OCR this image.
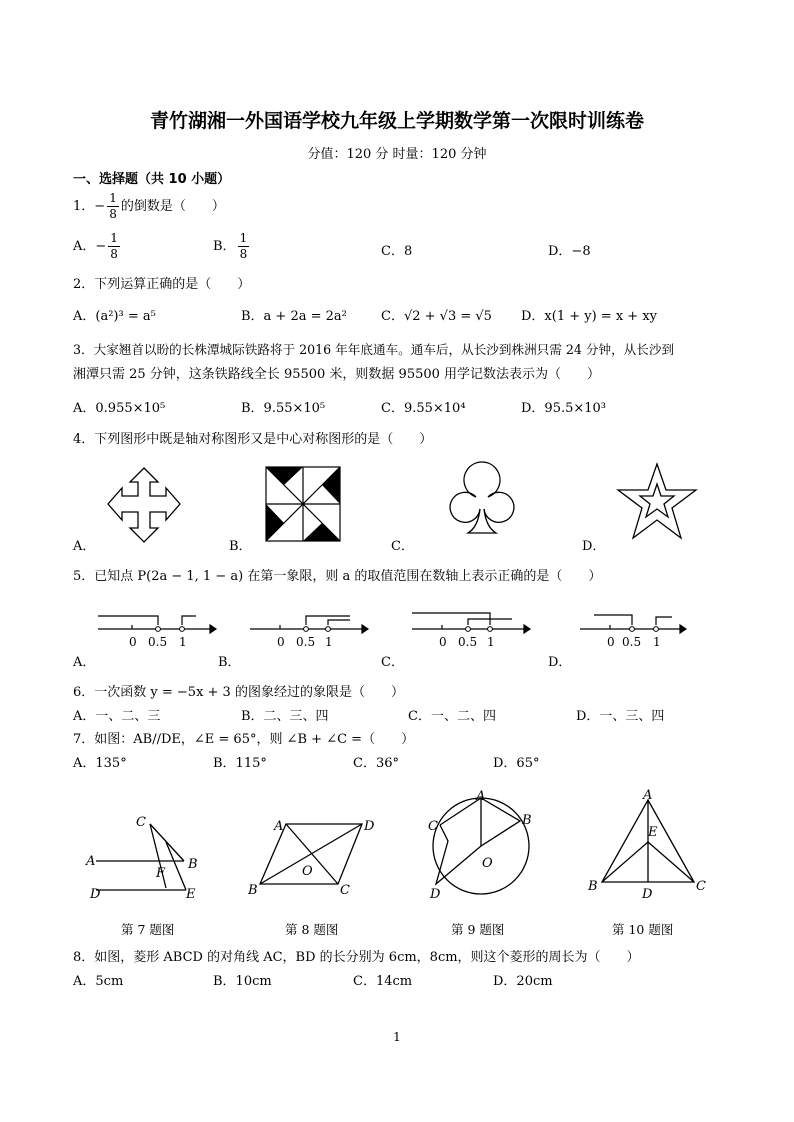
青竹湖湘一外国语学校九年级上学期数学第一次限时训练卷
分值：120 分 时量：120 分钟
一、选择题（共 10 小题）
1．− $\frac{1}{8}$ 的倒数是（　　）
A．− $\frac{1}{8}$	B． $\frac{1}{8}$	C．8	D．−8
2．下列运算正确的是（　　）
A．(a²)³ = a⁵	B．a + 2a = 2a²	C．√2 + √3 = √5 D．x(1 + y) = x + xy
3．大家翘首以盼的长株潭城际铁路将于 2016 年年底通车。通车后，从长沙到株洲只需 24 分钟，从长沙到
湘潭只需 25 分钟，这条铁路线全长 95500 米，则数据 95500 用学记数法表示为（　　）
A．0.955×10⁵	B．9.55×10⁵	C．9.55×10⁴	D．95.5×10³
4．下列图形中既是轴对称图形又是中心对称图形的是（　　）
A．	B．	C．	D．
5．已知点 P(2a − 1, 1 − a) 在第一象限，则 a 的取值范围在数轴上表示正确的是（　　）
0 0.5 1	0 0.5 1	0 0.5 1	0 0.5 1
A．	B．	C．	D．
6．一次函数 y = −5x + 3 的图象经过的象限是（　　）
A．一、二、三	B．二、三、四	C．一、二、四	D．一、三、四
7．如图：AB//DE，∠E = 65°，则 ∠B + ∠C =（　　）
A．135°	B．115°	C．36°	D．65°
C
A	B
F
D	E
第 7 题图
A	D
O
B	C
第 8 题图
A
B
C
O
D
第 9 题图
A
E
B
D
C
第 10 题图
8．如图，菱形 ABCD 的对角线 AC，BD 的长分别为 6cm，8cm，则这个菱形的周长为（　　）
A．5cm	B．10cm	C．14cm	D．20cm
1
